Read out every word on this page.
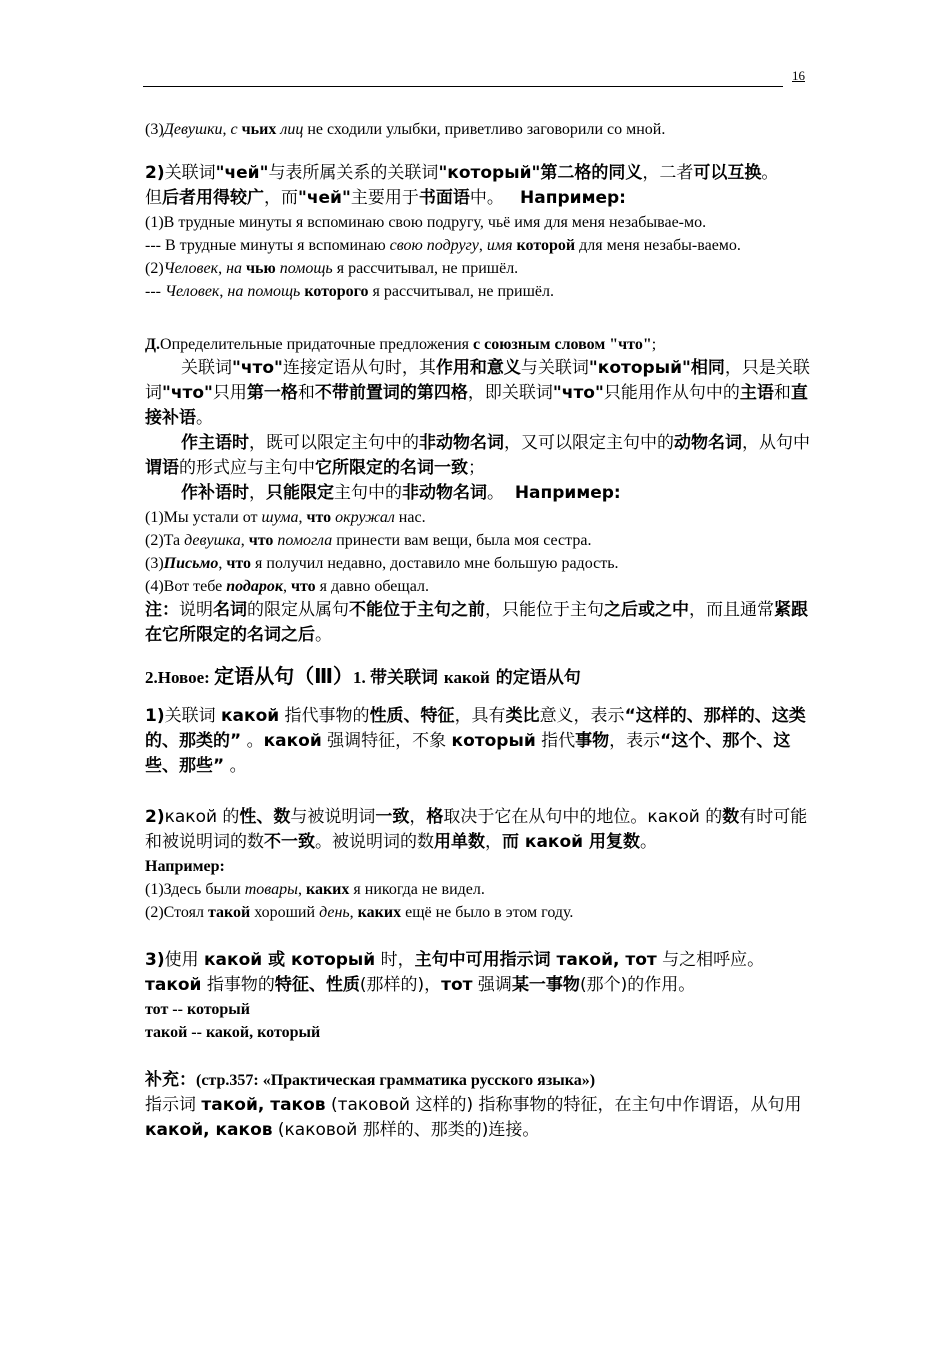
16

(3)Девушки, с чьих лиц не сходили улыбки, приветливо заговорили со мной.

2)关联词"чей"与表所属关系的关联词"который"第二格的同义，二者可以互换。
但后者用得较广，而"чей"主要用于书面语中。 Например:

(1)В трудные минуты я вспоминаю свою подругу, чьё имя для меня незабывае-мо.

--- В трудные минуты я вспоминаю свою подругу, имя которой для меня незабы-ваемо.

(2)Человек, на чью помощь я рассчитывал, не пришёл.

--- Человек, на помощь которого я рассчитывал, не пришёл.

Д.Определительные придаточные предложения с союзным словом "что";

关联词"что"连接定语从句时，其作用和意义与关联词"который"相同，只是关联词"что"只用第一格和不带前置词的第四格，即关联词"что"只能用作从句中的主语和直接补语。

作主语时，既可以限定主句中的非动物名词，又可以限定主句中的动物名词，从句中谓语的形式应与主句中它所限定的名词一致；

作补语时，只能限定主句中的非动物名词。 Например:

(1)Мы устали от шума, что окружал нас.

(2)Та девушка, что помогла принести вам вещи, была моя сестра.

(3)Письмо, что я получил недавно, доставило мне большую радость.

(4)Вот тебе подарок, что я давно обещал.

注：说明名词的限定从属句不能位于主句之前，只能位于主句之后或之中，而且通常紧跟在它所限定的名词之后。

2.Новое: 定语从句（Ⅲ）1. 带关联词 какой 的定语从句

1)关联词 какой 指代事物的性质、特征，具有类比意义，表示“这样的、那样的、这类的、那类的” 。какой 强调特征，不象 который 指代事物，表示“这个、那个、这些、那些” 。

2)какой 的性、数与被说明词一致，格取决于它在从句中的地位。какой 的数有时可能和被说明词的数不一致。被说明词的数用单数，而 какой 用复数。

Например:

(1)Здесь были товары, каких я никогда не видел.

(2)Стоял такой хороший день, каких ещё не было в этом году.

3)使用 какой 或 который 时，主句中可用指示词 такой, тот 与之相呼应。

такой 指事物的特征、性质(那样的)，тот 强调某一事物(那个)的作用。

тот -- который

такой -- какой, который

补充：(стр.357: «Практическая грамматика русского языка»)

指示词 такой, таков (таковой 这样的) 指称事物的特征，在主句中作谓语，从句用 какой, каков (каковой 那样的、那类的)连接。
